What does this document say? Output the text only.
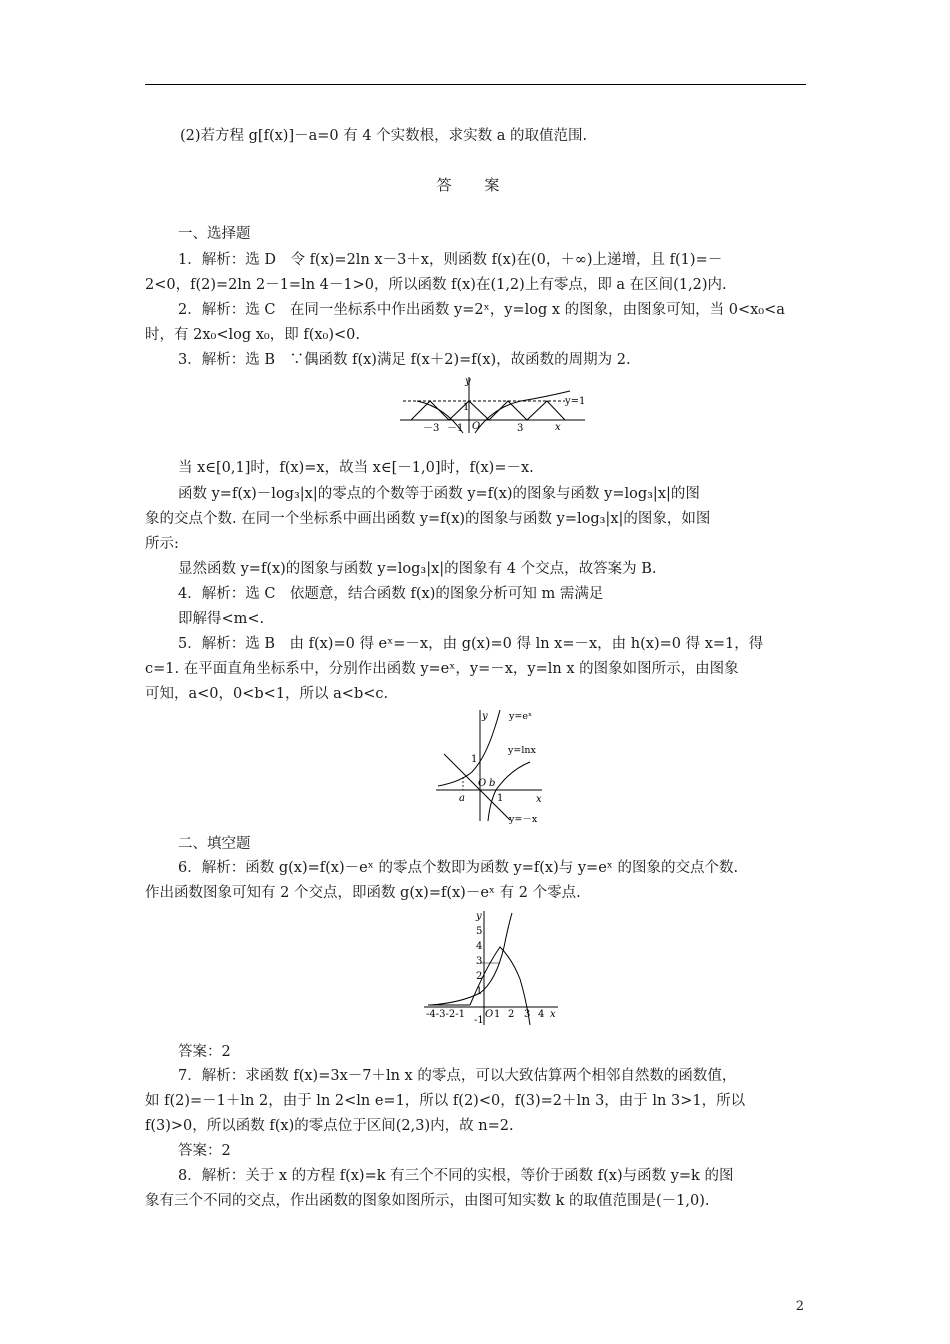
(2)若方程 g[f(x)]－a=0 有 4 个实数根，求实数 a 的取值范围.
答 案
一、选择题
1．解析：选 D　令 f(x)=2ln x－3＋x，则函数 f(x)在(0，＋∞)上递增，且 f(1)=－
2<0，f(2)=2ln 2－1=ln 4－1>0，所以函数 f(x)在(1,2)上有零点，即 a 在区间(1,2)内.
2．解析：选 C　在同一坐标系中作出函数 y=2ˣ，y=log x 的图象，由图象可知，当 0<x₀<a
时，有 2x₀<log x₀，即 f(x₀)<0.
3．解析：选 B　∵偶函数 f(x)满足 f(x＋2)=f(x)，故函数的周期为 2.
y
x
O
1
－1
－3	3
y=1
当 x∈[0,1]时，f(x)=x，故当 x∈[－1,0]时，f(x)=－x.
函数 y=f(x)－log₃|x|的零点的个数等于函数 y=f(x)的图象与函数 y=log₃|x|的图
象的交点个数. 在同一个坐标系中画出函数 y=f(x)的图象与函数 y=log₃|x|的图象，如图
所示:
显然函数 y=f(x)的图象与函数 y=log₃|x|的图象有 4 个交点，故答案为 B.
4．解析：选 C　依题意，结合函数 f(x)的图象分析可知 m 需满足
即解得<m<.
5．解析：选 B　由 f(x)=0 得 eˣ=－x，由 g(x)=0 得 ln x=－x，由 h(x)=0 得 x=1，得
c=1. 在平面直角坐标系中，分别作出函数 y=eˣ，y=－x，y=ln x 的图象如图所示，由图象
可知，a<0，0<b<1，所以 a<b<c.
y
x
O b
a
1
1
y=eˣ
y=lnx
y=－x
二、填空题
6．解析：函数 g(x)=f(x)－eˣ 的零点个数即为函数 y=f(x)与 y=eˣ 的图象的交点个数.
作出函数图象可知有 2 个交点，即函数 g(x)=f(x)－eˣ 有 2 个零点.
y
x
5
4
3
2
1
-1
-4-3-2-1 O 1 2 3 4
答案：2
7．解析：求函数 f(x)=3x－7＋ln x 的零点，可以大致估算两个相邻自然数的函数值，
如 f(2)=－1＋ln 2，由于 ln 2<ln e=1，所以 f(2)<0，f(3)=2＋ln 3，由于 ln 3>1，所以
f(3)>0，所以函数 f(x)的零点位于区间(2,3)内，故 n=2.
答案：2
8．解析：关于 x 的方程 f(x)=k 有三个不同的实根，等价于函数 f(x)与函数 y=k 的图
象有三个不同的交点，作出函数的图象如图所示，由图可知实数 k 的取值范围是(－1,0).
2
